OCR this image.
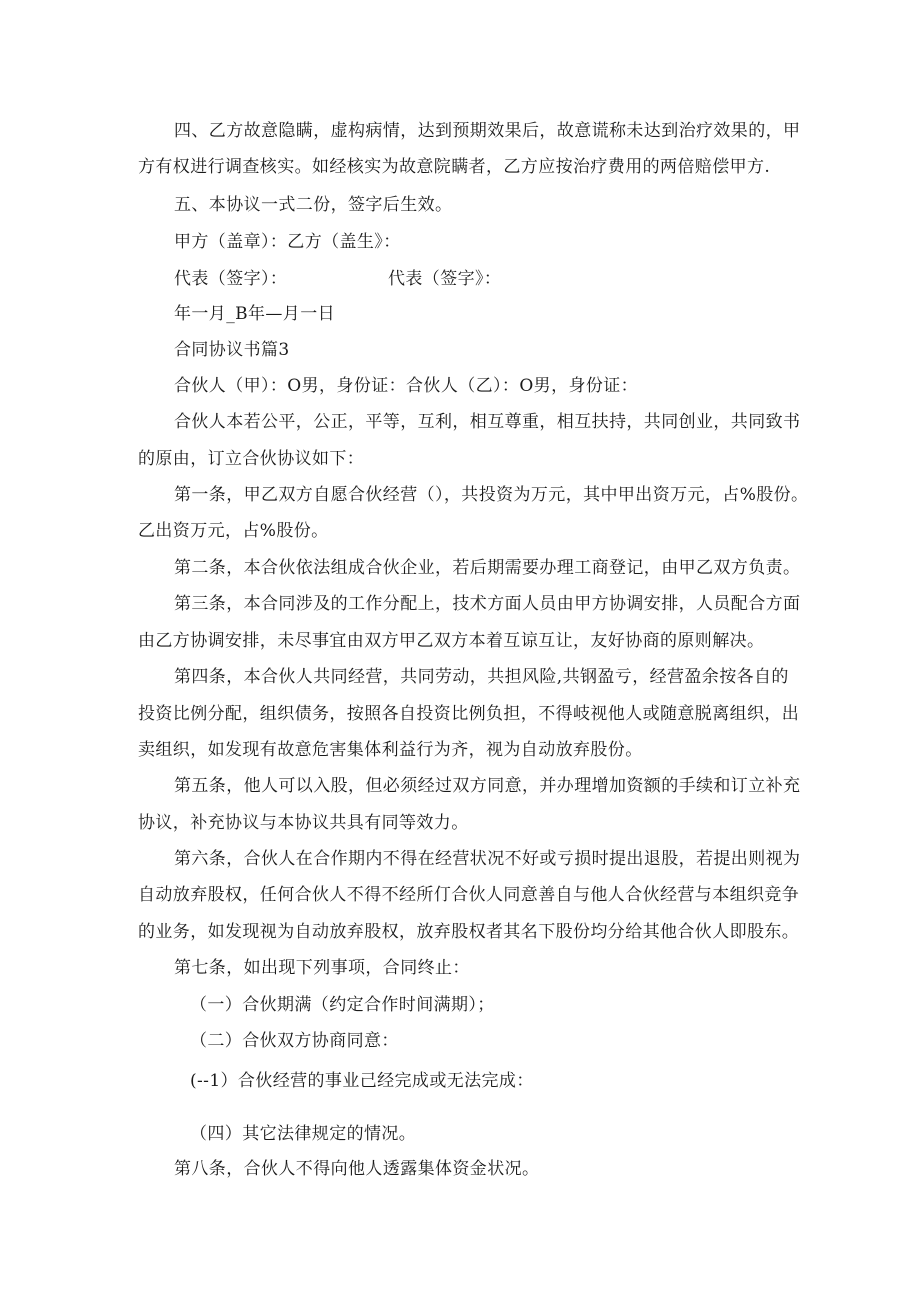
四、乙方故意隐瞒，虚构病情，达到预期效果后，故意谎称未达到治疗效果的，甲
方有权进行调查核实。如经核实为故意院瞒者，乙方应按治疗费用的两倍赔偿甲方.
五、本协议一式二份，签字后生效。
甲方（盖章）：乙方（盖生》：
代表（签字）：	代表（签字》：
年一月_B年—月一日
合同协议书篇3
合伙人（甲）：O男，身份证：合伙人（乙）：O男，身份证：
合伙人本若公平，公正，平等，互利，相互尊重，相互扶持，共同创业，共同致书
的原由，订立合伙协议如下：
第一条，甲乙双方自愿合伙经营（），共投资为万元，其中甲出资万元，占%股份。
乙出资万元，占%股份。
第二条，本合伙依法组成合伙企业，若后期需要办理工商登记，由甲乙双方负责。
第三条，本合同涉及的工作分配上，技术方面人员由甲方协调安排，人员配合方面
由乙方协调安排，未尽事宜由双方甲乙双方本着互谅互让，友好协商的原则解决。
第四条，本合伙人共同经营，共同劳动，共担风险,共钢盈亏，经营盈余按各自的
投资比例分配，组织债务，按照各自投资比例负担，不得岐视他人或随意脱离组织，出
卖组织，如发现有故意危害集体利益行为齐，视为自动放弃股份。
第五条，他人可以入股，但必须经过双方同意，并办理增加资额的手续和订立补充
协议，补充协议与本协议共具有同等效力。
第六条，合伙人在合作期内不得在经营状况不好或亏损时提出退股，若提出则视为
自动放弃股权，任何合伙人不得不经所仃合伙人同意善自与他人合伙经营与本组织竞争
的业务，如发现视为自动放弃股权，放弃股权者其名下股份均分给其他合伙人即股东。
第七条，如出现下列事项，合同终止：
（一）合伙期满（约定合作时间满期）；
（二）合伙双方协商同意：
(--1）合伙经营的事业己经完成或无法完成：
（四）其它法律规定的情况。
第八条，合伙人不得向他人透露集体资金状况。
